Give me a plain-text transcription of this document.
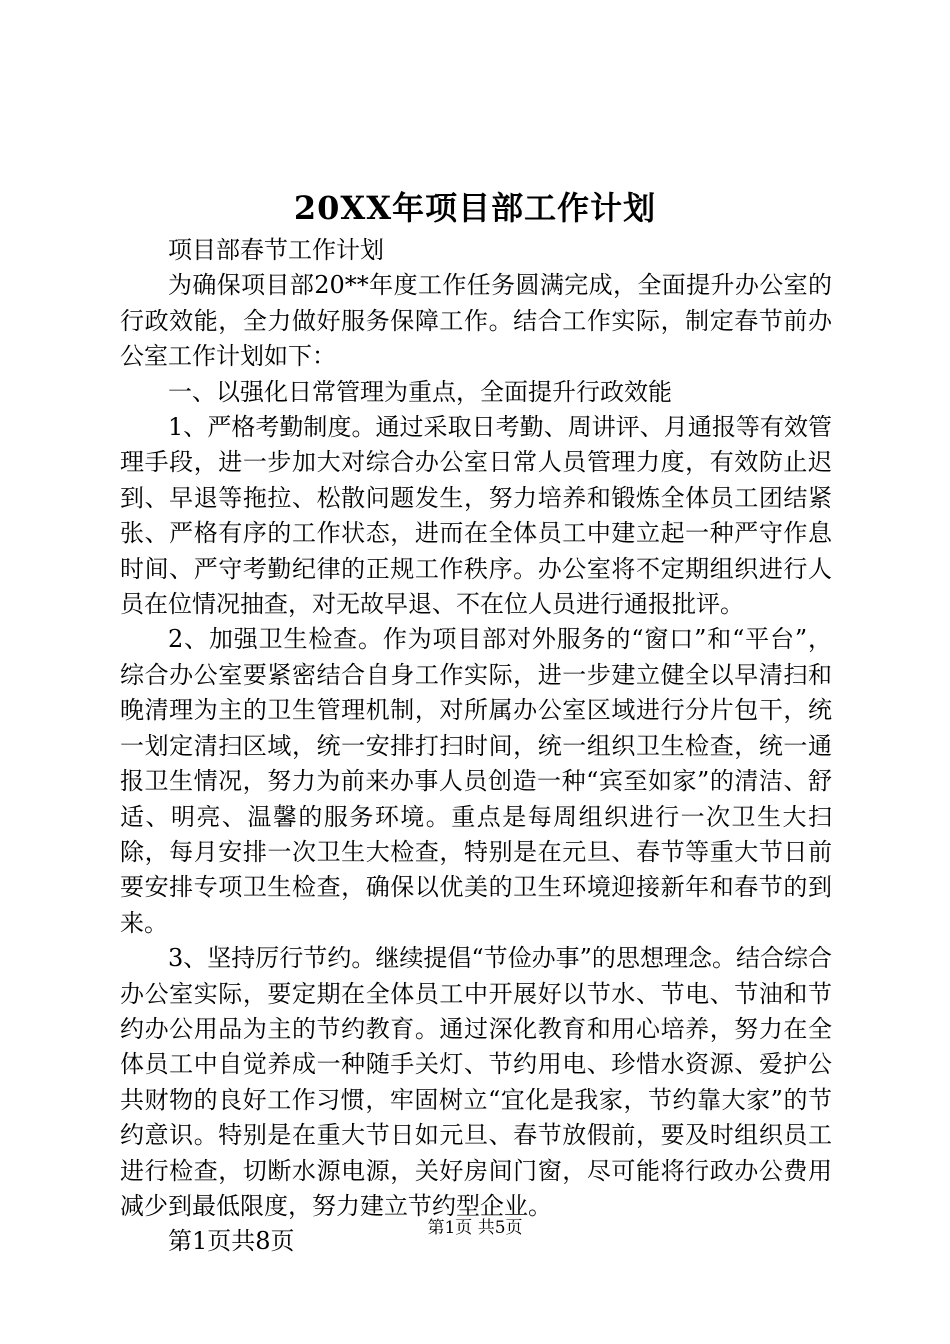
20XX年项目部工作计划

项目部春节工作计划

为确保项目部20**年度工作任务圆满完成，全面提升办公室的行政效能，全力做好服务保障工作。结合工作实际，制定春节前办公室工作计划如下：

一、以强化日常管理为重点，全面提升行政效能

1、严格考勤制度。通过采取日考勤、周讲评、月通报等有效管理手段，进一步加大对综合办公室日常人员管理力度，有效防止迟到、早退等拖拉、松散问题发生，努力培养和锻炼全体员工团结紧张、严格有序的工作状态，进而在全体员工中建立起一种严守作息时间、严守考勤纪律的正规工作秩序。办公室将不定期组织进行人员在位情况抽查，对无故早退、不在位人员进行通报批评。

2、加强卫生检查。作为项目部对外服务的“窗口”和“平台”，综合办公室要紧密结合自身工作实际，进一步建立健全以早清扫和晚清理为主的卫生管理机制，对所属办公室区域进行分片包干，统一划定清扫区域，统一安排打扫时间，统一组织卫生检查，统一通报卫生情况，努力为前来办事人员创造一种“宾至如家”的清洁、舒适、明亮、温馨的服务环境。重点是每周组织进行一次卫生大扫除，每月安排一次卫生大检查，特别是在元旦、春节等重大节日前要安排专项卫生检查，确保以优美的卫生环境迎接新年和春节的到来。

3、坚持厉行节约。继续提倡“节俭办事”的思想理念。结合综合办公室实际，要定期在全体员工中开展好以节水、节电、节油和节约办公用品为主的节约教育。通过深化教育和用心培养，努力在全体员工中自觉养成一种随手关灯、节约用电、珍惜水资源、爱护公共财物的良好工作习惯，牢固树立“宜化是我家，节约靠大家”的节约意识。特别是在重大节日如元旦、春节放假前，要及时组织员工进行检查，切断水源电源，关好房间门窗，尽可能将行政办公费用减少到最低限度，努力建立节约型企业。

第1页共8页	第1页 共5页
